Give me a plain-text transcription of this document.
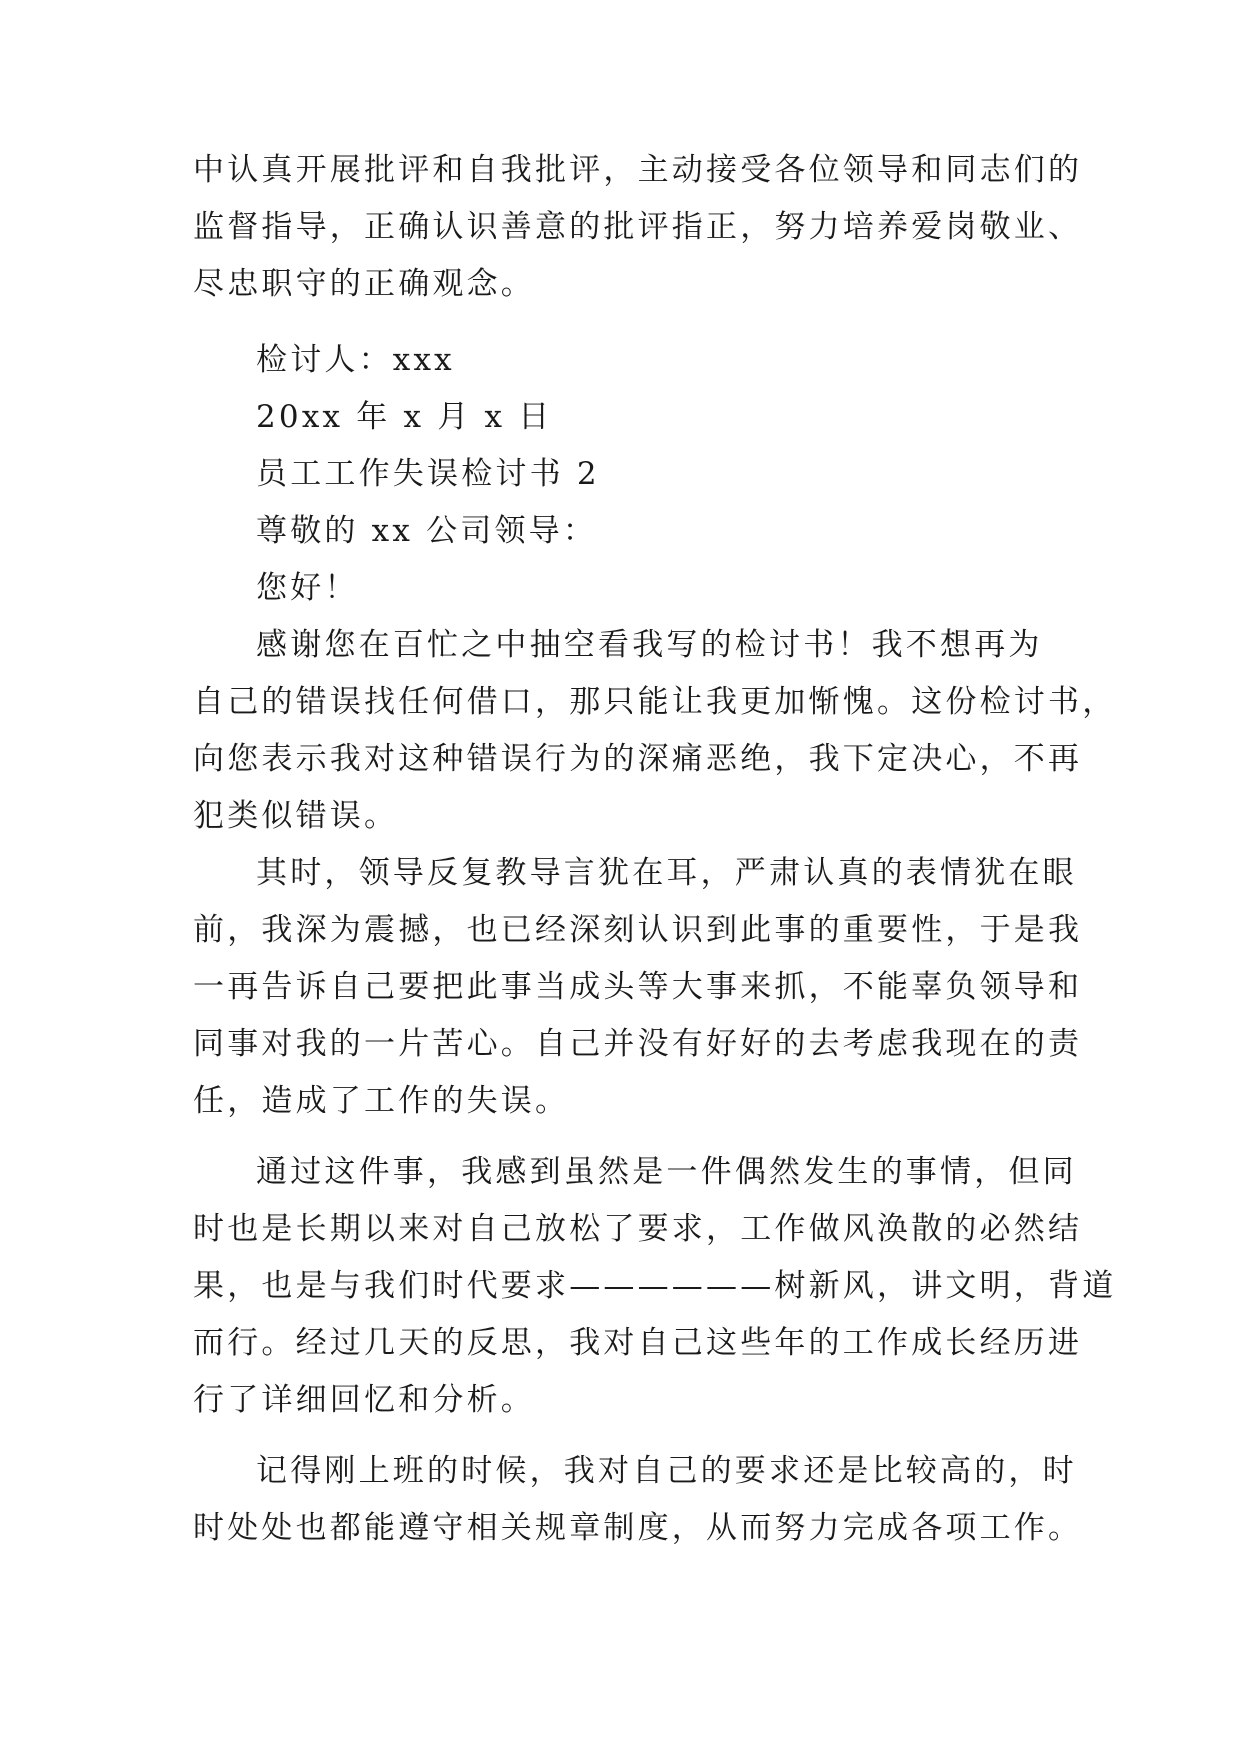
中认真开展批评和自我批评，主动接受各位领导和同志们的
监督指导，正确认识善意的批评指正，努力培养爱岗敬业、
尽忠职守的正确观念。
检讨人：xxx
20xx 年 x 月 x 日
员工工作失误检讨书 2
尊敬的 xx 公司领导：
您好！
感谢您在百忙之中抽空看我写的检讨书！我不想再为
自己的错误找任何借口，那只能让我更加惭愧。这份检讨书，
向您表示我对这种错误行为的深痛恶绝，我下定决心，不再
犯类似错误。
其时，领导反复教导言犹在耳，严肃认真的表情犹在眼
前，我深为震撼，也已经深刻认识到此事的重要性，于是我
一再告诉自己要把此事当成头等大事来抓，不能辜负领导和
同事对我的一片苦心。自己并没有好好的去考虑我现在的责
任，造成了工作的失误。
通过这件事，我感到虽然是一件偶然发生的事情，但同
时也是长期以来对自己放松了要求，工作做风涣散的必然结
果，也是与我们时代要求——————树新风，讲文明，背道
而行。经过几天的反思，我对自己这些年的工作成长经历进
行了详细回忆和分析。
记得刚上班的时候，我对自己的要求还是比较高的，时
时处处也都能遵守相关规章制度，从而努力完成各项工作。
